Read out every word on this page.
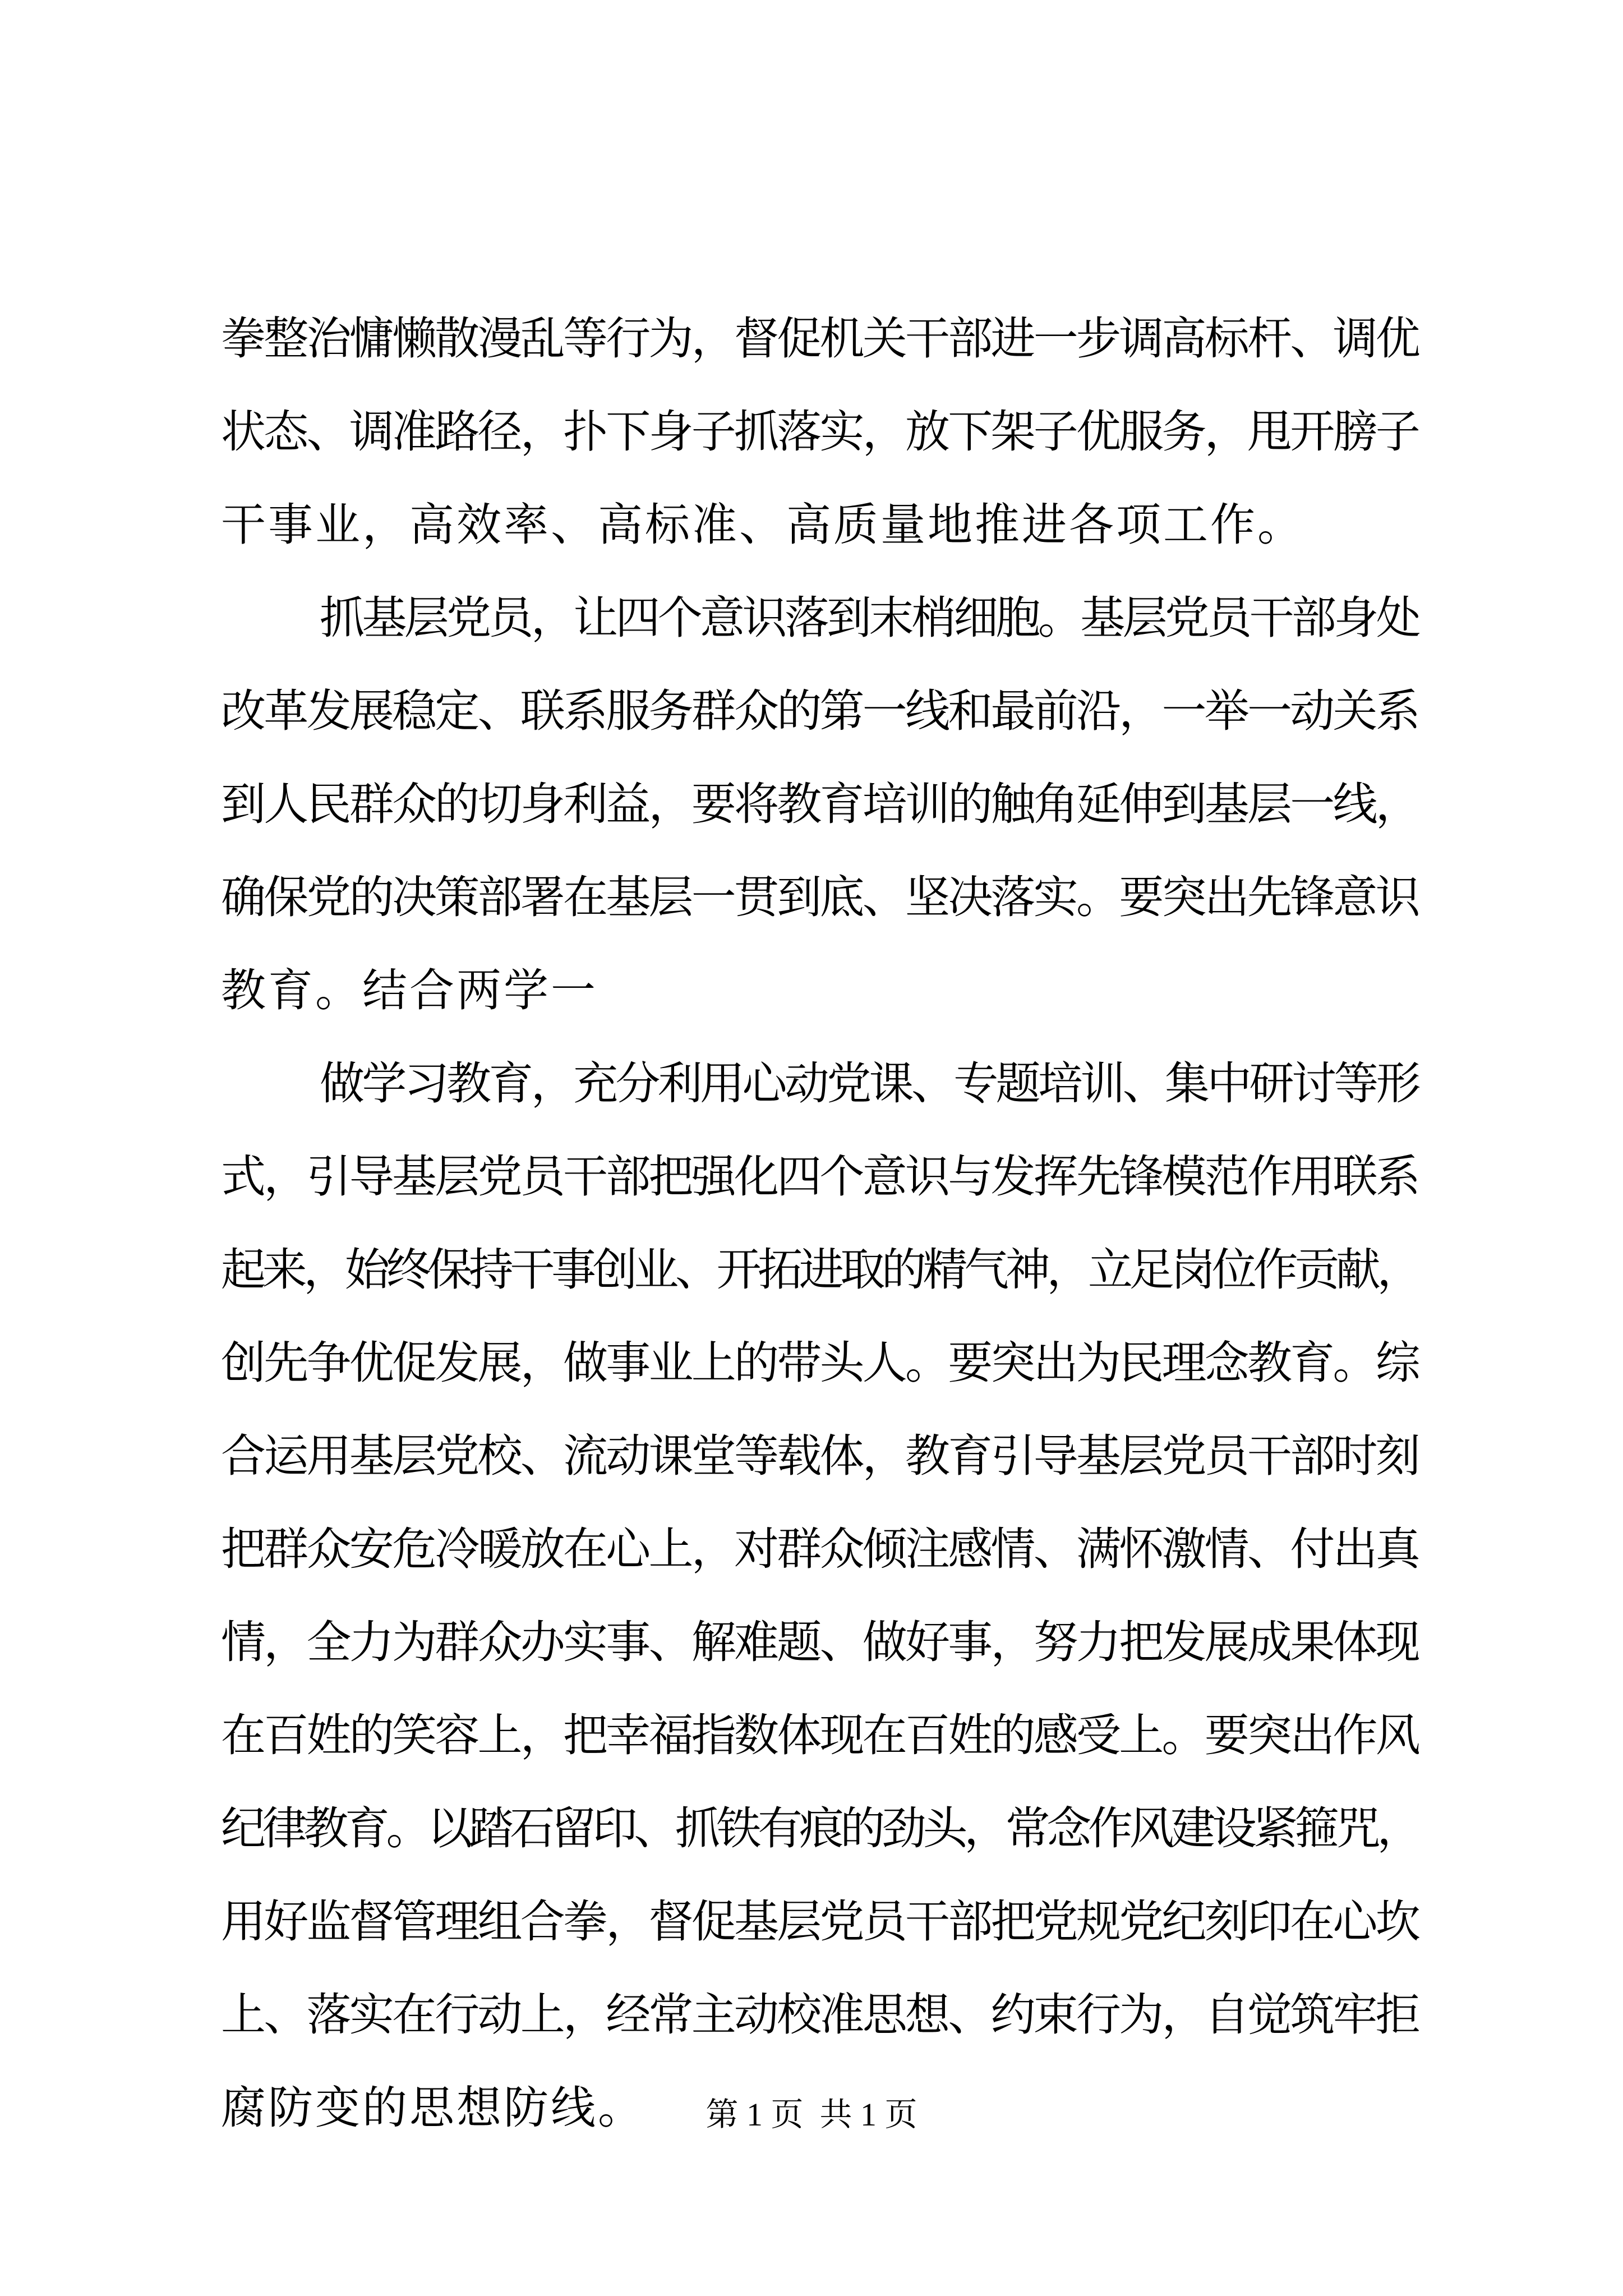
拳整治慵懒散漫乱等行为，督促机关干部进一步调高标杆、调优
状态、调准路径，扑下身子抓落实，放下架子优服务，甩开膀子
干事业，高效率、高标准、高质量地推进各项工作。
抓基层党员，让四个意识落到末梢细胞。基层党员干部身处
改革发展稳定、联系服务群众的第一线和最前沿，一举一动关系
到人民群众的切身利益，要将教育培训的触角延伸到基层一线，
确保党的决策部署在基层一贯到底、坚决落实。要突出先锋意识
教育。结合两学一
做学习教育，充分利用心动党课、专题培训、集中研讨等形
式，引导基层党员干部把强化四个意识与发挥先锋模范作用联系
起来，始终保持干事创业、开拓进取的精气神，立足岗位作贡献，
创先争优促发展，做事业上的带头人。要突出为民理念教育。综
合运用基层党校、流动课堂等载体，教育引导基层党员干部时刻
把群众安危冷暖放在心上，对群众倾注感情、满怀激情、付出真
情，全力为群众办实事、解难题、做好事，努力把发展成果体现
在百姓的笑容上，把幸福指数体现在百姓的感受上。要突出作风
纪律教育。以踏石留印、抓铁有痕的劲头，常念作风建设紧箍咒，
用好监督管理组合拳，督促基层党员干部把党规党纪刻印在心坎
上、落实在行动上，经常主动校准思想、约束行为，自觉筑牢拒
腐防变的思想防线。	第 1 页  共 1 页
